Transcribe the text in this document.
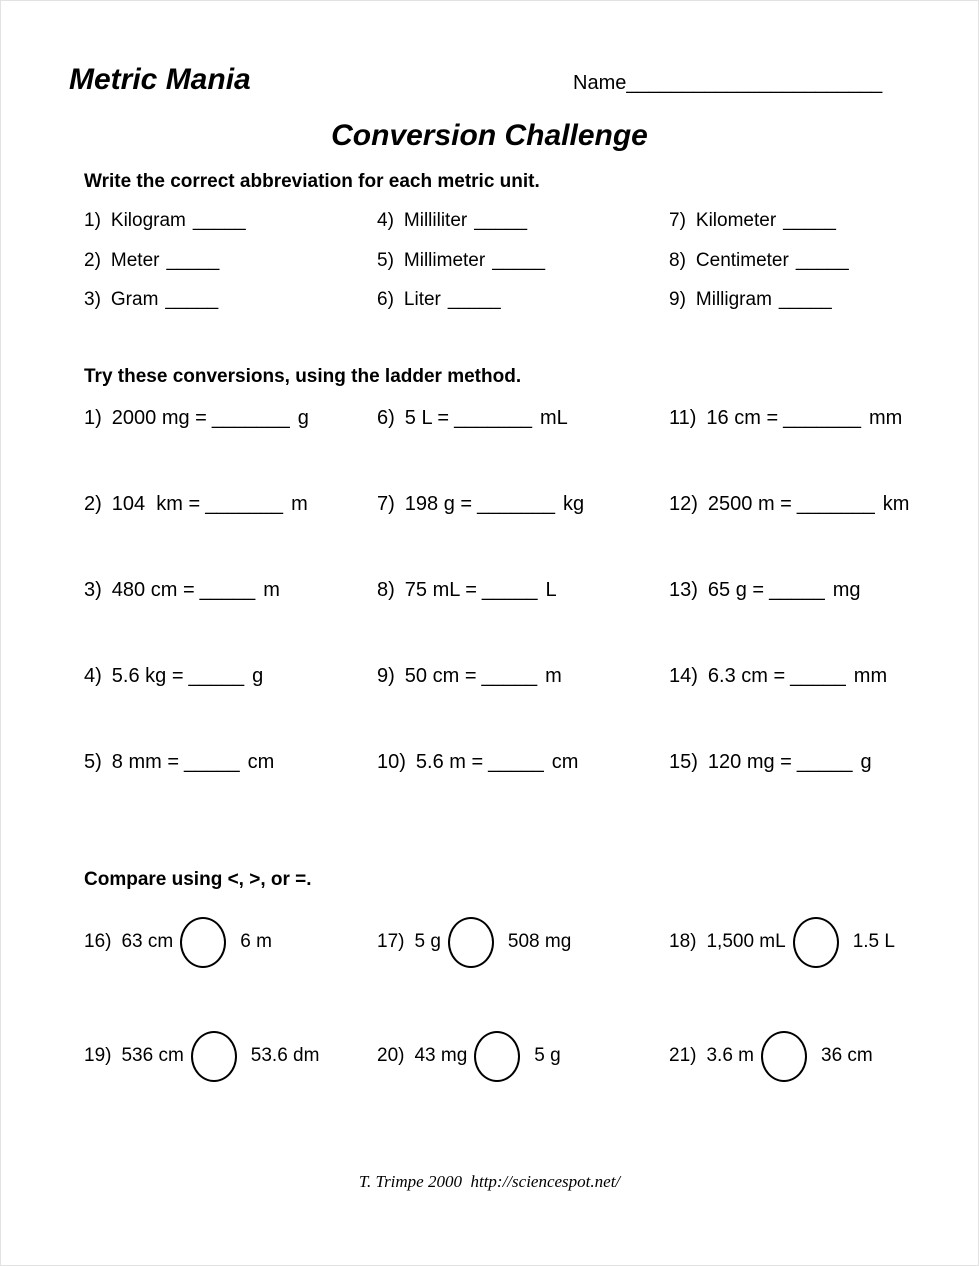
Metric Mania	Name_______________________
Conversion Challenge
Write the correct abbreviation for each metric unit.
1) Kilogram _____
2) Meter _____
3) Gram _____
4) Milliliter _____
5) Millimeter _____
6) Liter _____
7) Kilometer _____
8) Centimeter _____
9) Milligram _____
Try these conversions, using the ladder method.
1) 2000 mg = _______ g
2) 104  km = _______ m
3) 480 cm = _____ m
4) 5.6 kg = _____ g
5) 8 mm = _____ cm
6) 5 L = _______ mL
7) 198 g = _______ kg
8) 75 mL = _____ L
9) 50 cm = _____ m
10) 5.6 m = _____ cm
11) 16 cm = _______ mm
12) 2500 m = _______ km
13) 65 g = _____ mg
14) 6.3 cm = _____ mm
15) 120 mg = _____ g
Compare using <, >, or =.
16) 63 cm	6 m	17) 5 g	508 mg	18) 1,500 mL	1.5 L
19) 536 cm	53.6 dm	20) 43 mg	5 g	21) 3.6 m	36 cm
T. Trimpe 2000  http://sciencespot.net/
